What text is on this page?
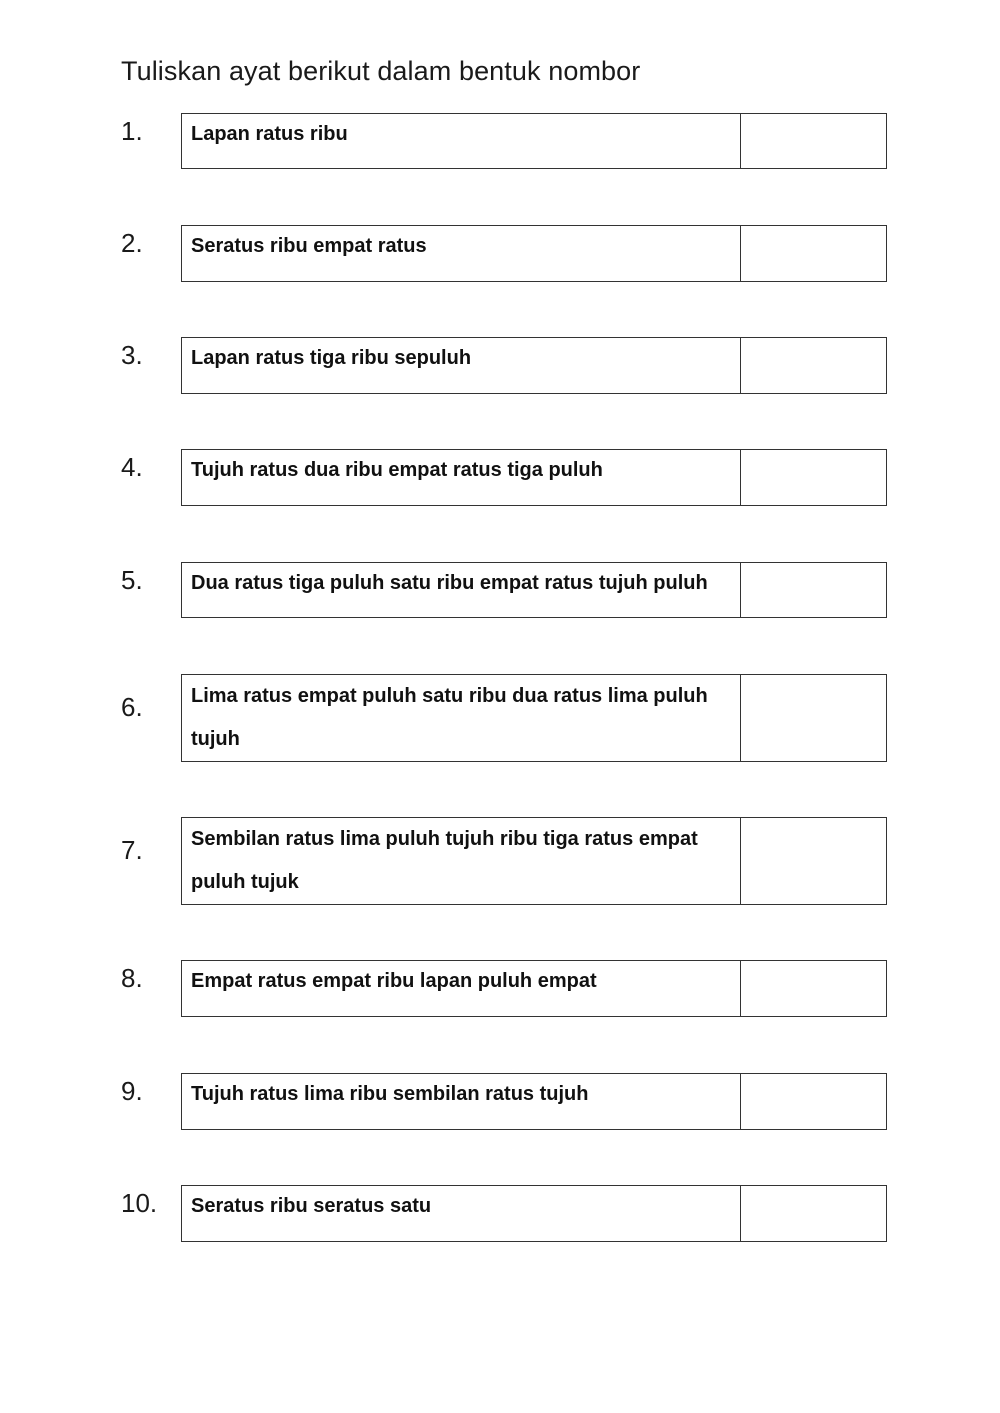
Tuliskan ayat berikut dalam bentuk nombor
1.	Lapan ratus ribu
2.	Seratus ribu empat ratus
3.	Lapan ratus tiga ribu sepuluh
4.	Tujuh ratus dua ribu empat ratus tiga puluh
5.	Dua ratus tiga puluh satu ribu empat ratus tujuh puluh
6.	Lima ratus empat puluh satu ribu dua ratus lima puluh tujuh
7.	Sembilan ratus lima puluh tujuh ribu tiga ratus empat puluh tujuk
8.	Empat ratus empat ribu lapan puluh empat
9.	Tujuh ratus lima ribu sembilan ratus tujuh
10.	Seratus ribu seratus satu
